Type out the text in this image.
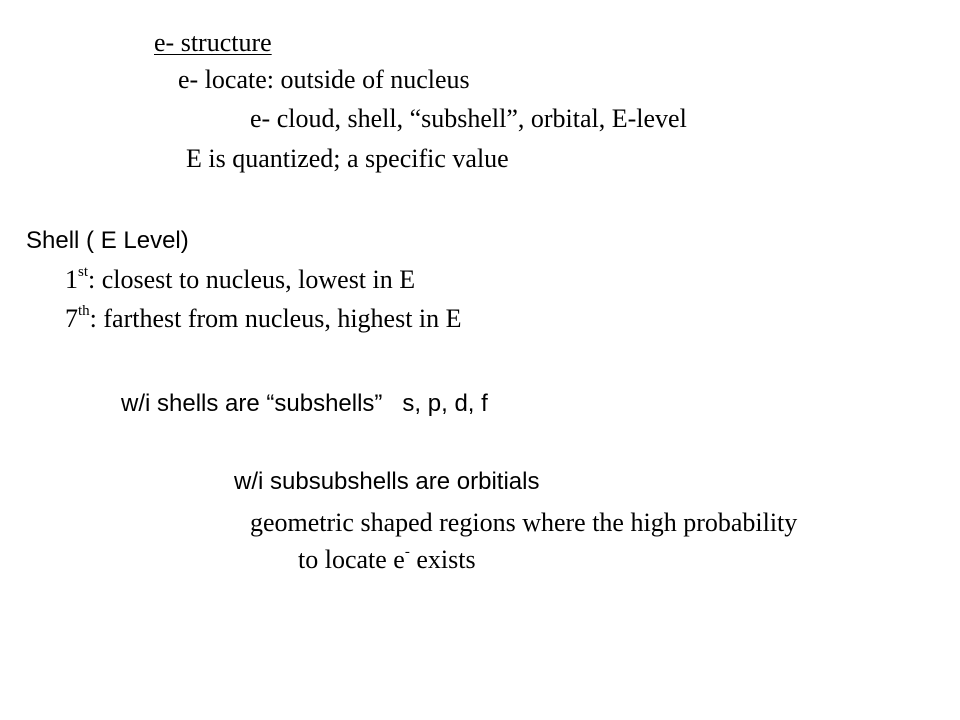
e- structure
e- locate: outside of nucleus
e- cloud, shell, “subshell”, orbital, E-level
E is quantized; a specific value
Shell ( E Level)
1st: closest to nucleus, lowest in E
7th: farthest from nucleus, highest in E
w/i shells are “subshells”   s, p, d, f
w/i subsubshells are orbitials
geometric shaped regions where the high probability
to locate e- exists
